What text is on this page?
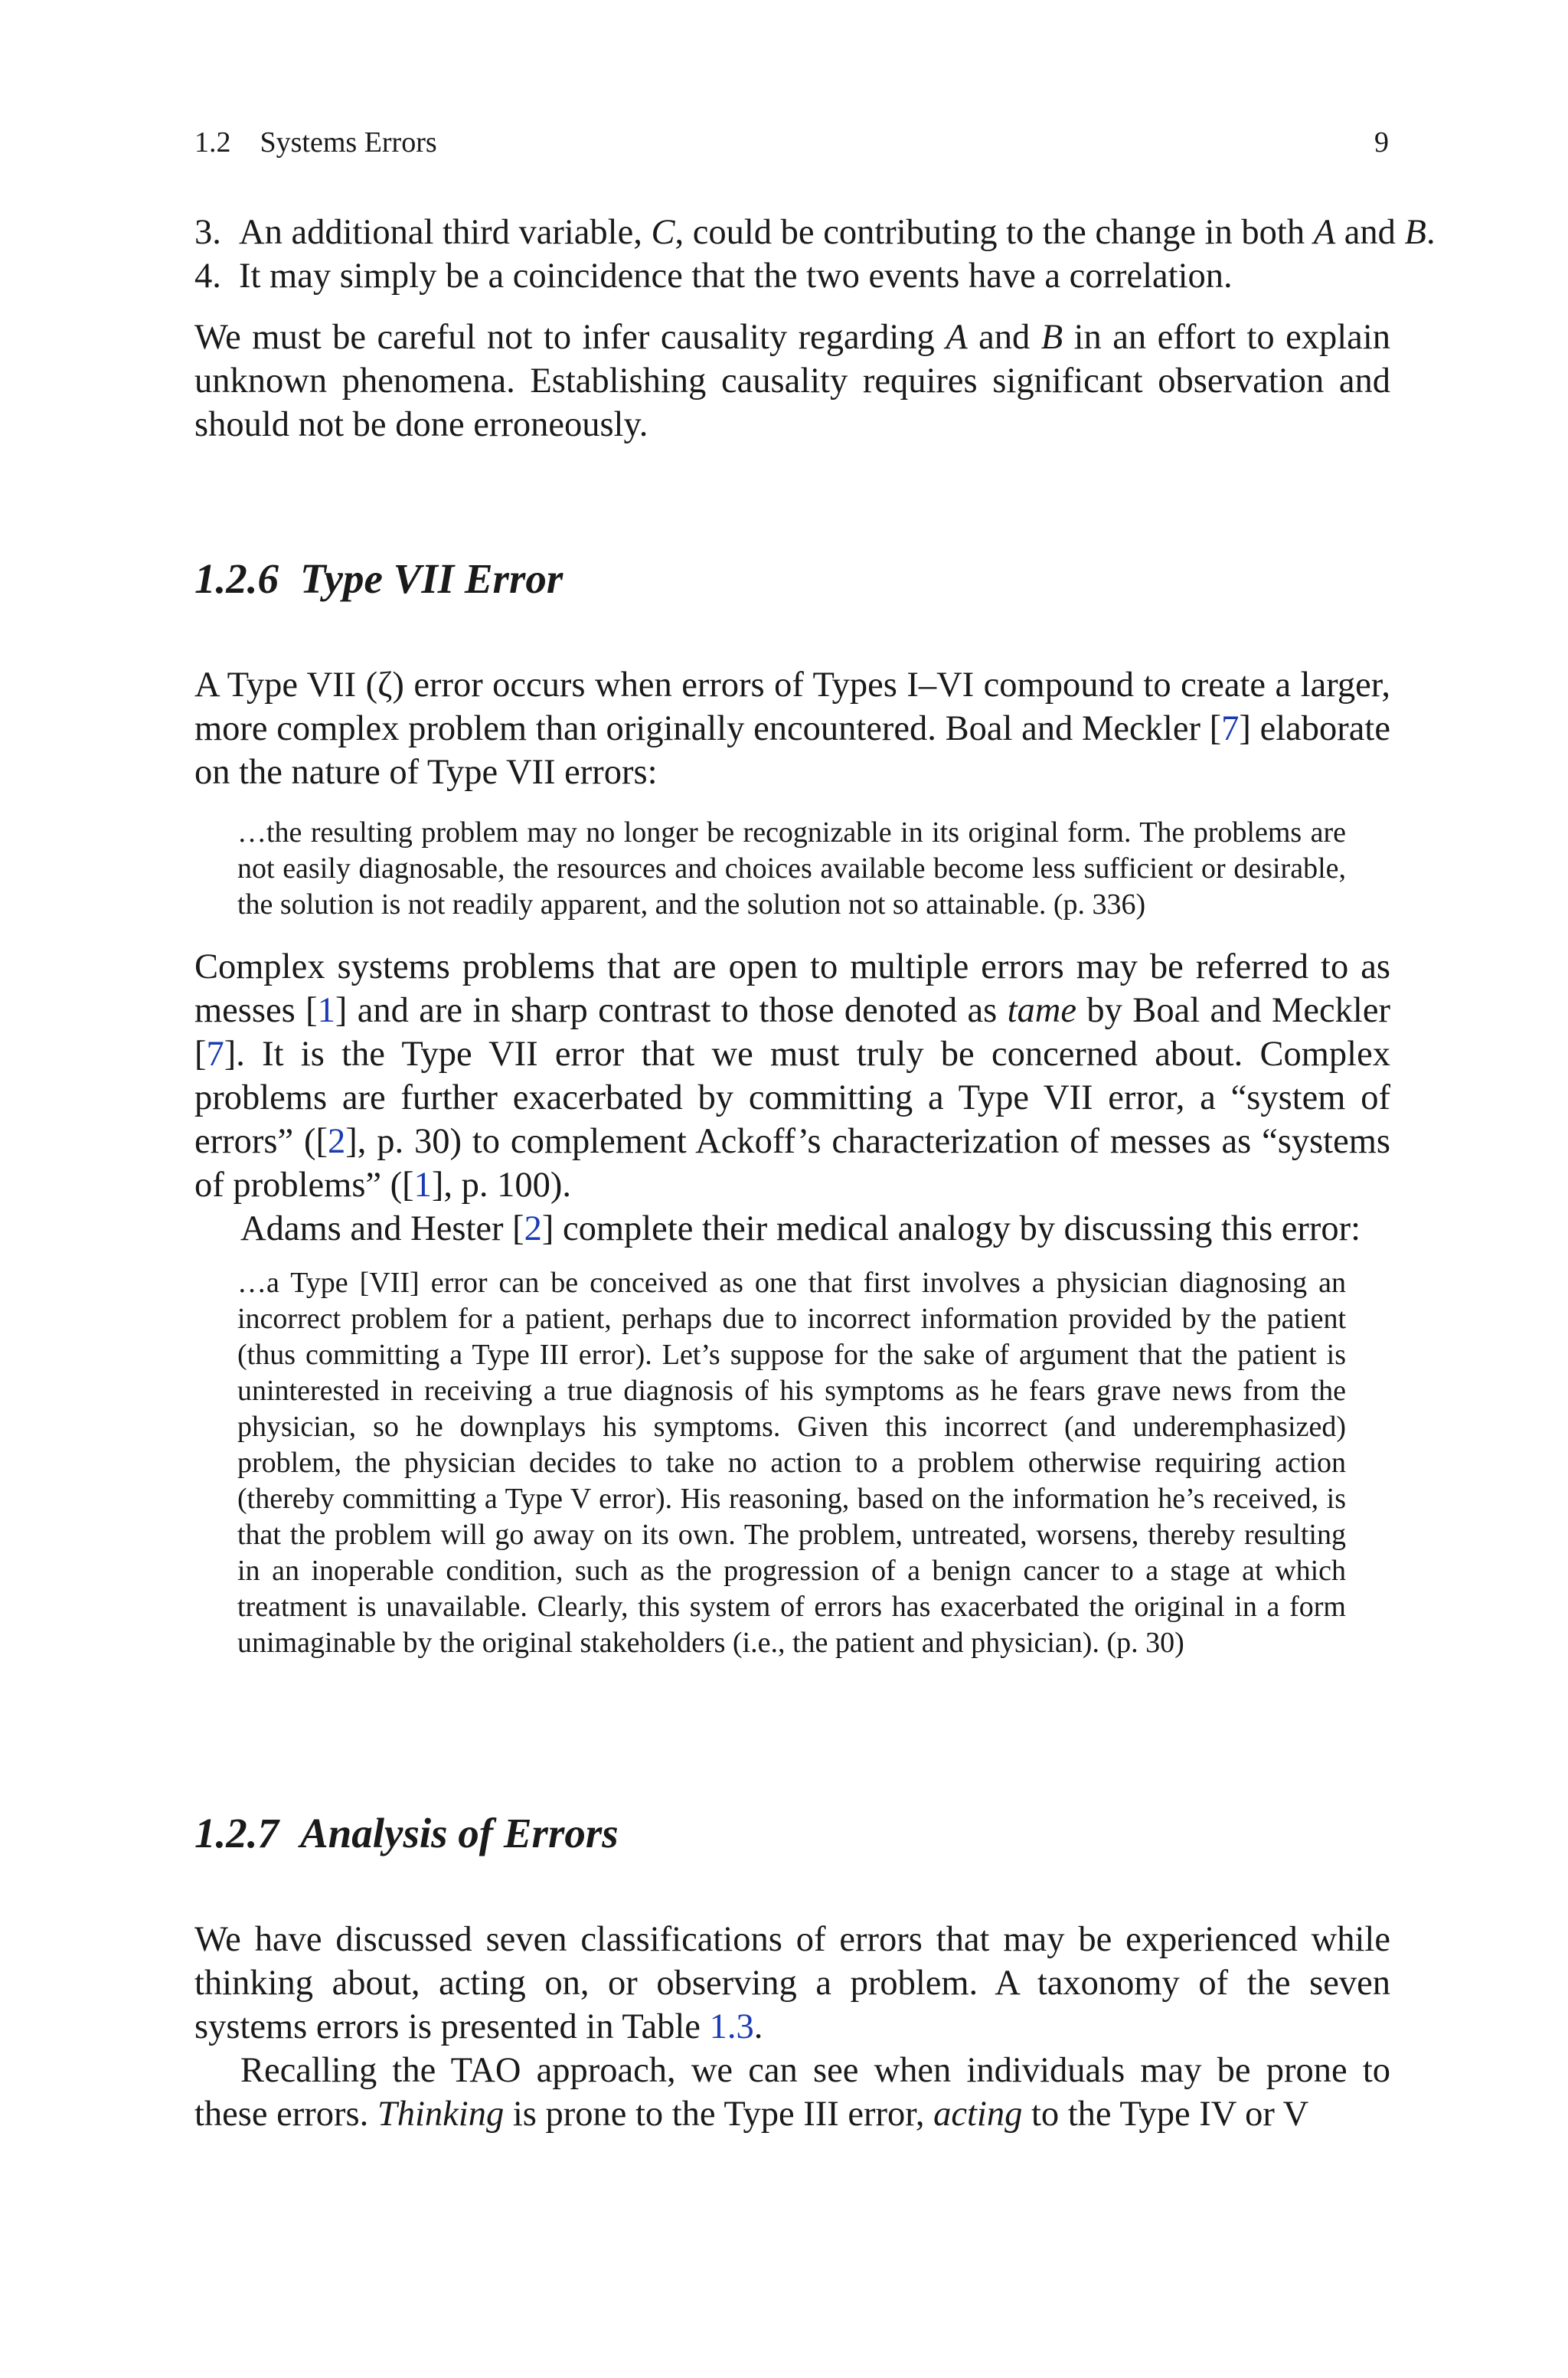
1.2 Systems Errors	9
3. An additional third variable, C, could be contributing to the change in both A and B.
4. It may simply be a coincidence that the two events have a correlation.

We must be careful not to infer causality regarding A and B in an effort to explain unknown phenomena. Establishing causality requires significant observation and should not be done erroneously.

1.2.6 Type VII Error

A Type VII (ζ) error occurs when errors of Types I–VI compound to create a larger, more complex problem than originally encountered. Boal and Meckler [7] elaborate on the nature of Type VII errors:

…the resulting problem may no longer be recognizable in its original form. The problems are not easily diagnosable, the resources and choices available become less sufficient or desirable, the solution is not readily apparent, and the solution not so attainable. (p. 336)

Complex systems problems that are open to multiple errors may be referred to as messes [1] and are in sharp contrast to those denoted as tame by Boal and Meckler [7]. It is the Type VII error that we must truly be concerned about. Complex problems are further exacerbated by committing a Type VII error, a “system of errors” ([2], p. 30) to complement Ackoff’s characterization of messes as “systems of problems” ([1], p. 100).

Adams and Hester [2] complete their medical analogy by discussing this error:

…a Type [VII] error can be conceived as one that first involves a physician diagnosing an incorrect problem for a patient, perhaps due to incorrect information provided by the patient (thus committing a Type III error). Let’s suppose for the sake of argument that the patient is uninterested in receiving a true diagnosis of his symptoms as he fears grave news from the physician, so he downplays his symptoms. Given this incorrect (and underemphasized) problem, the physician decides to take no action to a problem otherwise requiring action (thereby committing a Type V error). His reasoning, based on the information he’s received, is that the problem will go away on its own. The problem, untreated, worsens, thereby resulting in an inoperable condition, such as the progression of a benign cancer to a stage at which treatment is unavailable. Clearly, this system of errors has exacerbated the original in a form unimaginable by the original stakeholders (i.e., the patient and physician). (p. 30)

1.2.7 Analysis of Errors

We have discussed seven classifications of errors that may be experienced while thinking about, acting on, or observing a problem. A taxonomy of the seven systems errors is presented in Table 1.3.

Recalling the TAO approach, we can see when individuals may be prone to these errors. Thinking is prone to the Type III error, acting to the Type IV or V
